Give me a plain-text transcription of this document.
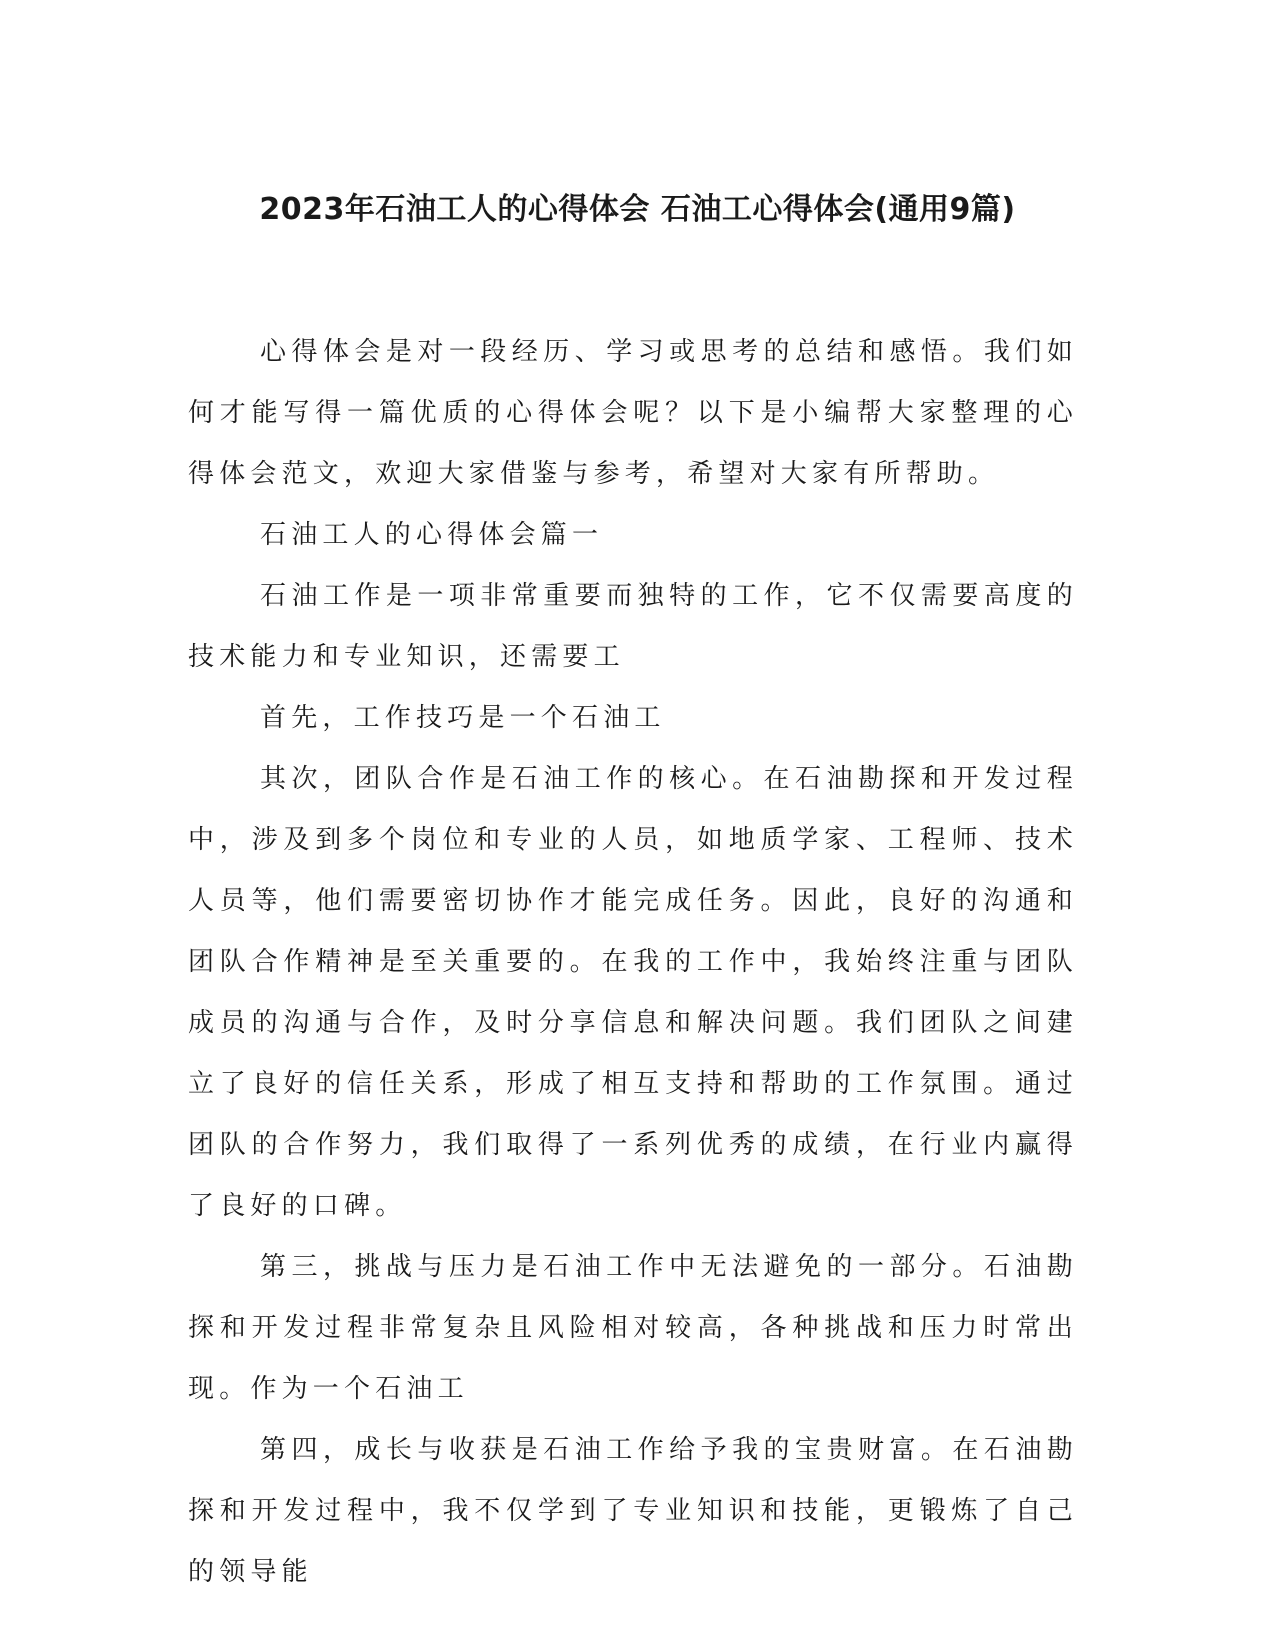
2023年石油工人的心得体会 石油工心得体会(通用9篇)

心得体会是对一段经历、学习或思考的总结和感悟。我们如何才能写得一篇优质的心得体会呢？以下是小编帮大家整理的心得体会范文，欢迎大家借鉴与参考，希望对大家有所帮助。

石油工人的心得体会篇一

石油工作是一项非常重要而独特的工作，它不仅需要高度的技术能力和专业知识，还需要工

首先，工作技巧是一个石油工

其次，团队合作是石油工作的核心。在石油勘探和开发过程中，涉及到多个岗位和专业的人员，如地质学家、工程师、技术人员等，他们需要密切协作才能完成任务。因此，良好的沟通和团队合作精神是至关重要的。在我的工作中，我始终注重与团队成员的沟通与合作，及时分享信息和解决问题。我们团队之间建立了良好的信任关系，形成了相互支持和帮助的工作氛围。通过团队的合作努力，我们取得了一系列优秀的成绩，在行业内赢得了良好的口碑。

第三，挑战与压力是石油工作中无法避免的一部分。石油勘探和开发过程非常复杂且风险相对较高，各种挑战和压力时常出现。作为一个石油工

第四，成长与收获是石油工作给予我的宝贵财富。在石油勘探和开发过程中，我不仅学到了专业知识和技能，更锻炼了自己的领导能
